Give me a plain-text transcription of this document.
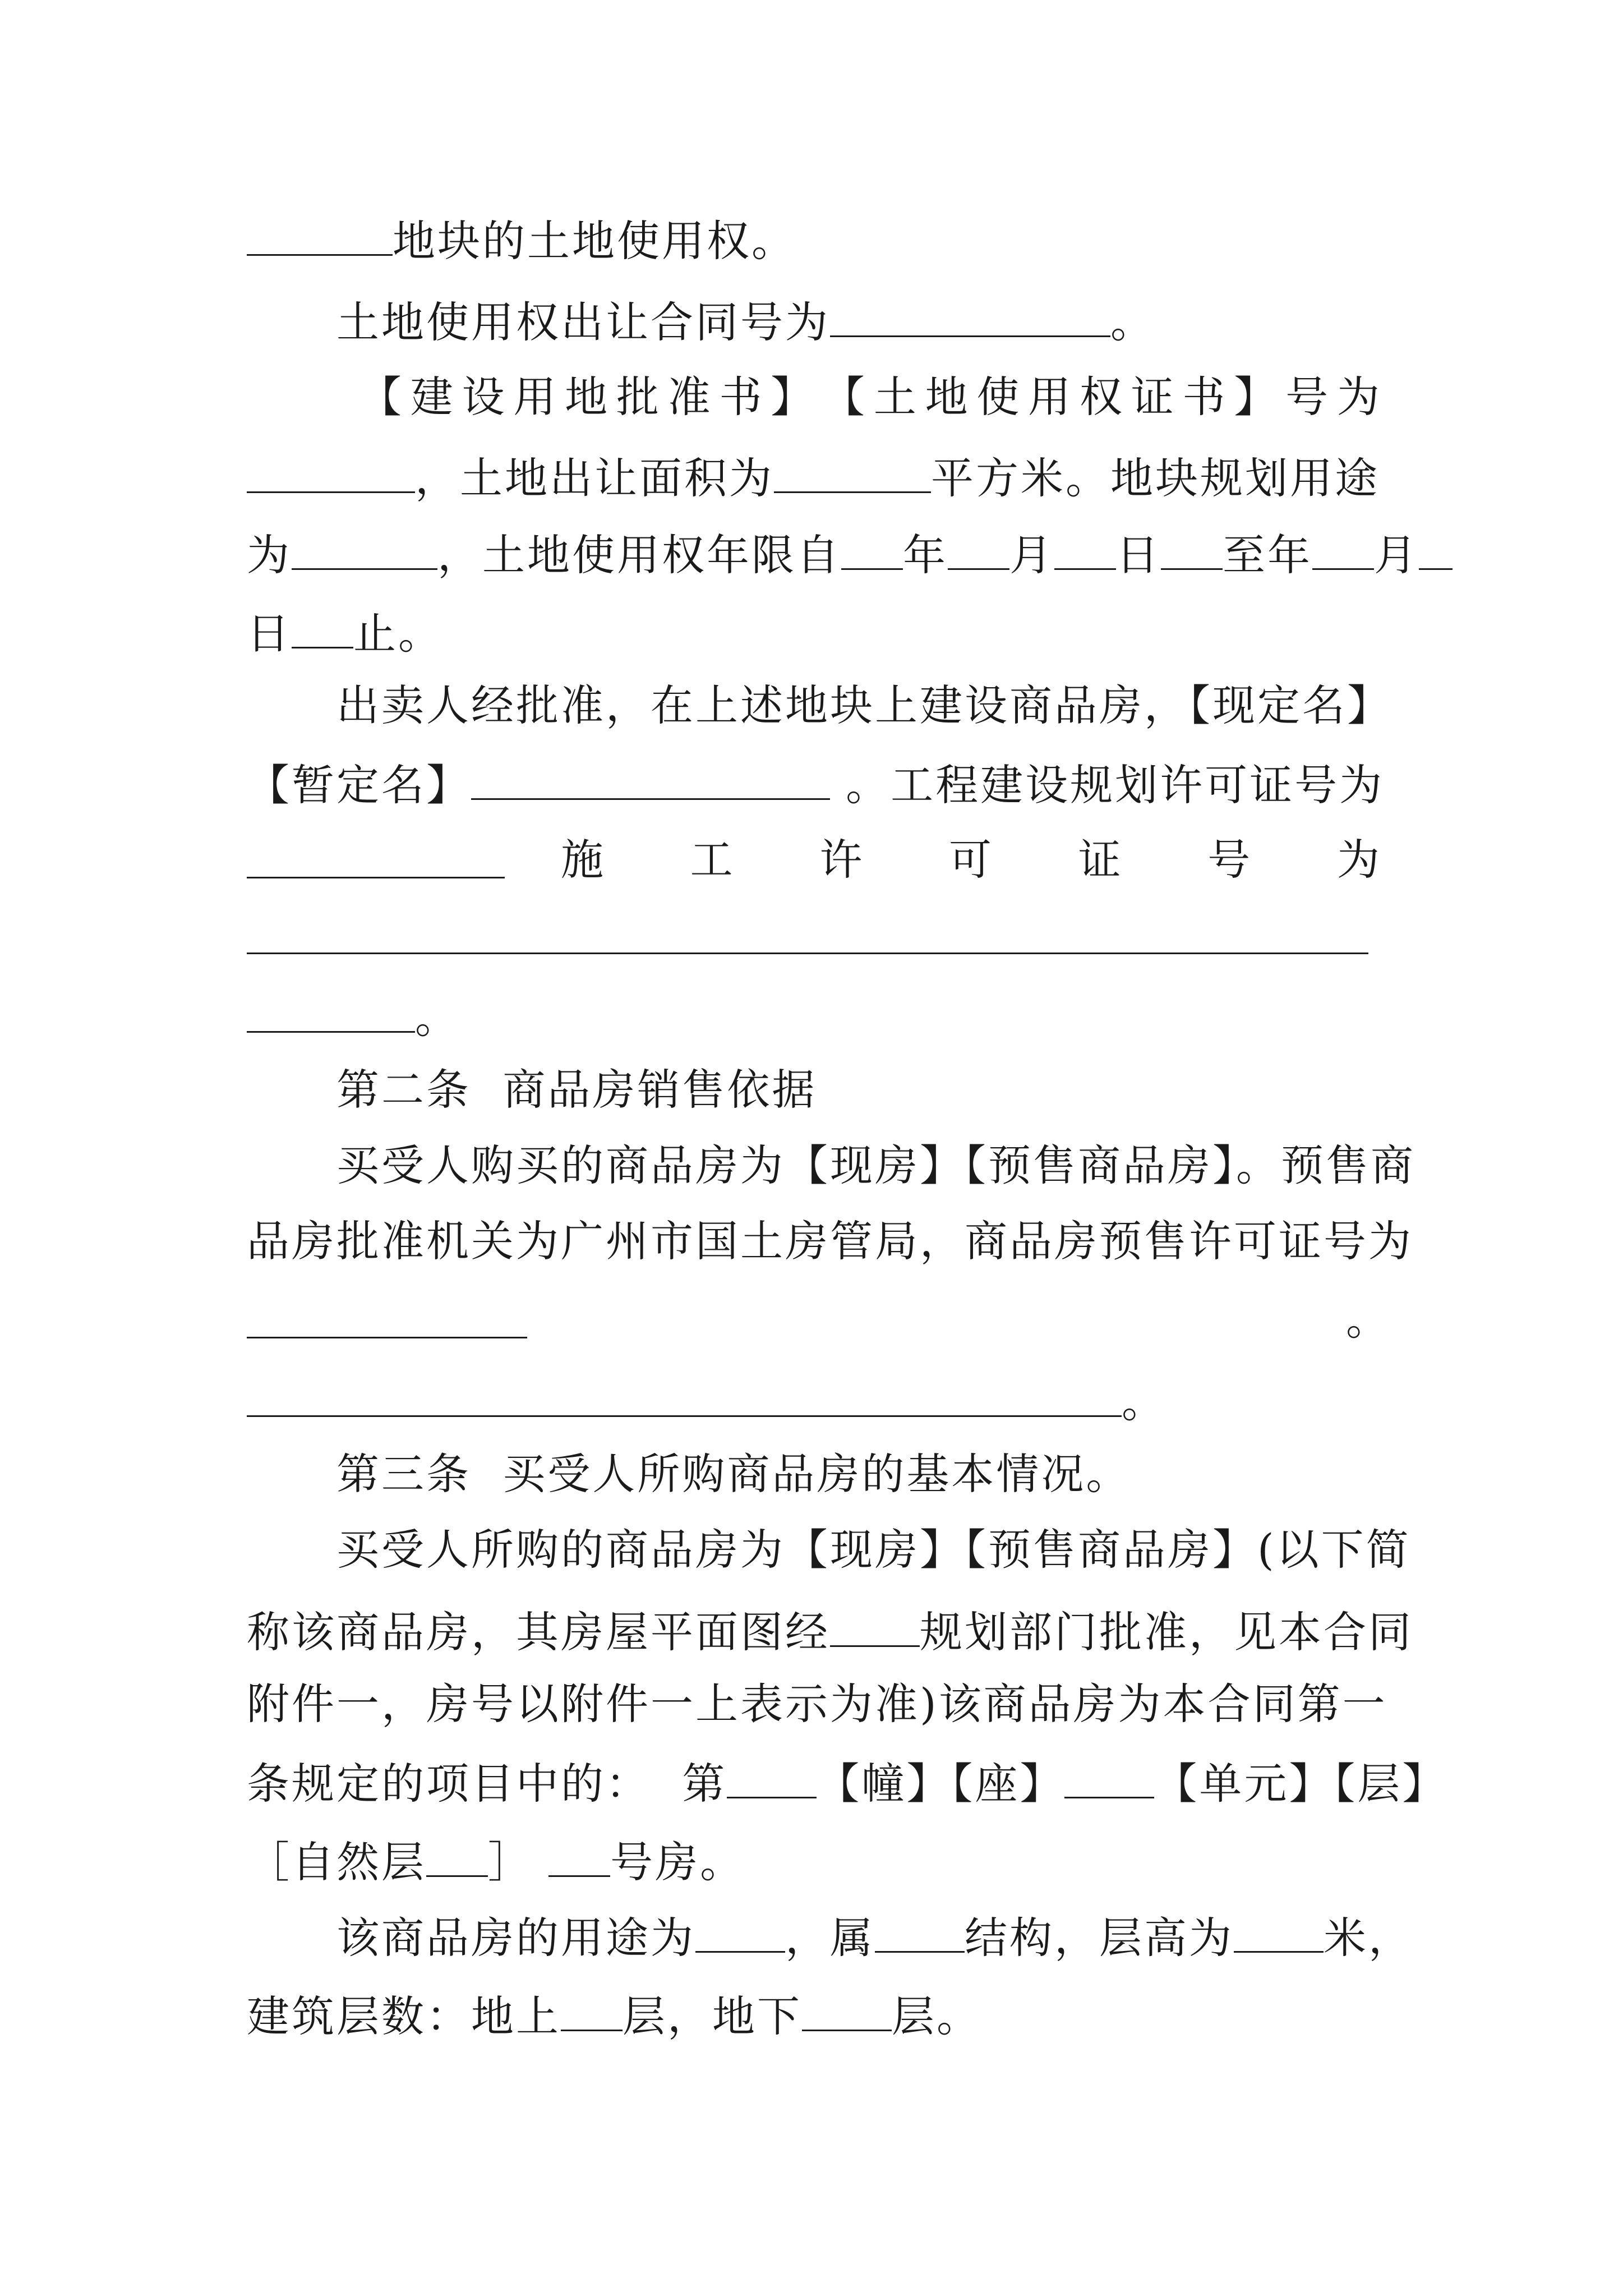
地块的土地使用权。
土地使用权出让合同号为	。
【 建 设 用 地 批 准 书 】 【 土 地 使 用 权 证 书 】 号 为
，土地出让面积为	平方米。地块规划用途
为	，土地使用权年限自 年 月 日 至年 月
日 止。
出卖人经批准，在上述地块上建设商品房，【现定名】
【暂定名】	。工程建设规划许可证号为
施 工 许 可 证 号 为
。
第二条  商品房销售依据
买受人购买的商品房为【现房】【预售商品房】。预售商
品房批准机关为广州市国土房管局，商品房预售许可证号为
。
。
第三条  买受人所购商品房的基本情况。
买受人所购的商品房为【现房】【预售商品房】(以下简
称该商品房，其房屋平面图经 规划部门批准，见本合同
附件一，房号以附件一上表示为准)该商品房为本合同第一
条规定的项目中的：  第 【幢】【座】 【单元】【层】
［自然层 ］ 号房。
该商品房的用途为 ，属 结构，层高为 米，
建筑层数：地上 层，地下 层。
